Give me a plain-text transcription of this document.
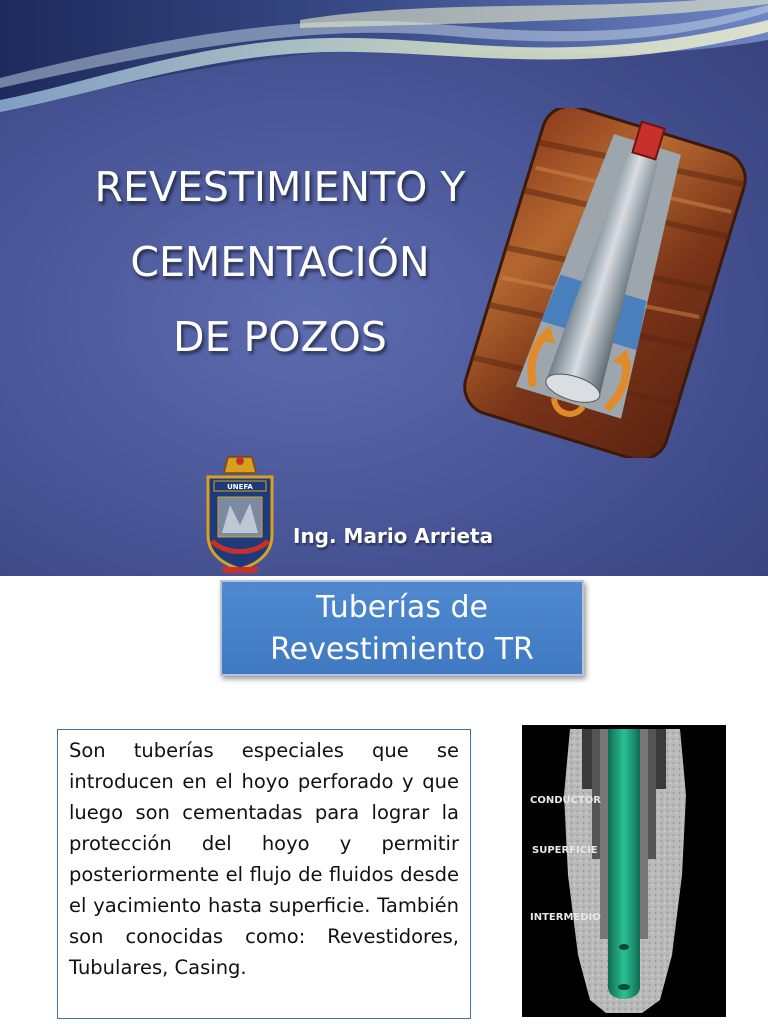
REVESTIMIENTO Y
CEMENTACIÓN
DE POZOS
UNEFA
Ing. Mario Arrieta
Tuberías de
Revestimiento TR

Son tuberías especiales que se introducen en el hoyo perforado y que luego son cementadas para lograr la protección del hoyo y permitir posteriormente el flujo de fluidos desde el yacimiento hasta superficie. También son conocidas como: Revestidores, Tubulares, Casing.

CONDUCTOR
SUPERFICIE
INTERMEDIO
